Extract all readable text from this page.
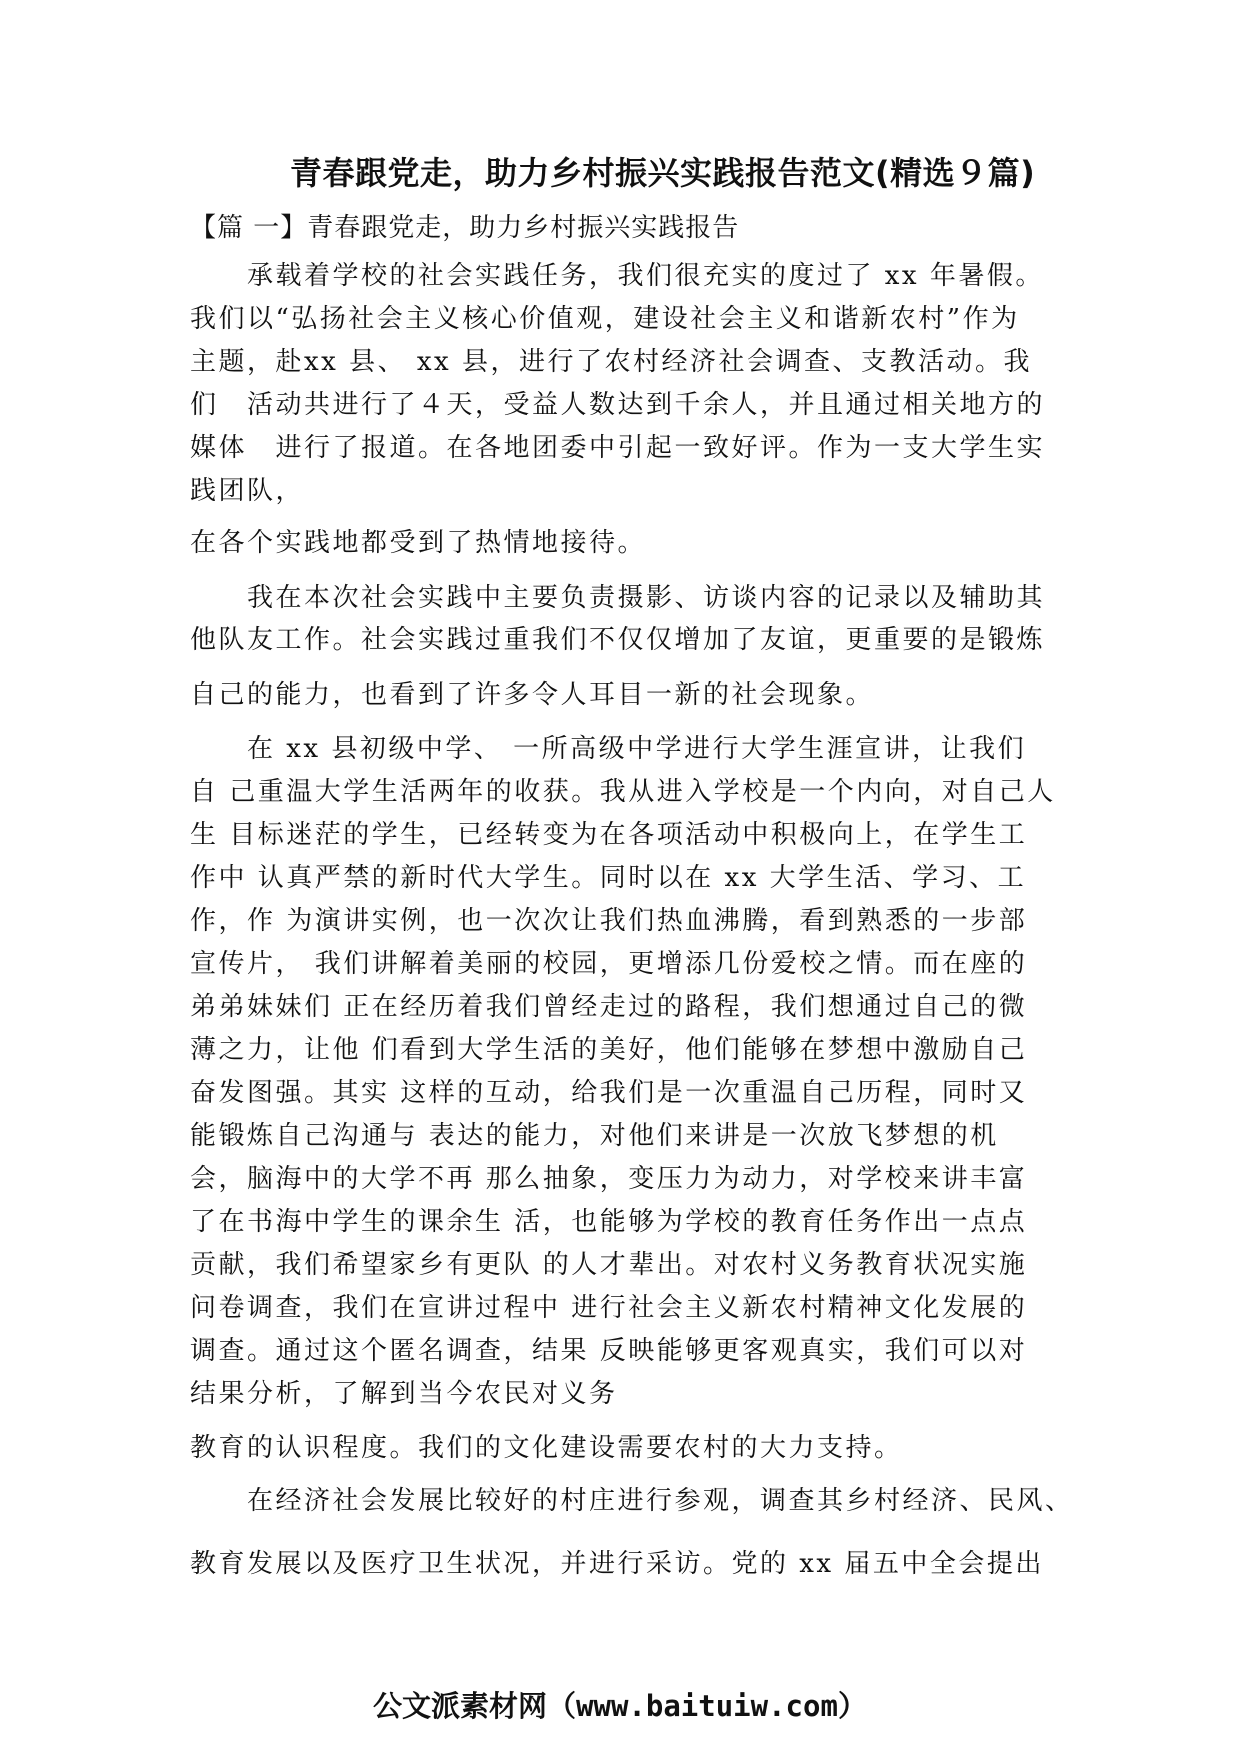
青春跟党走，助力乡村振兴实践报告范文(精选９篇)
【篇 一】青春跟党走，助力乡村振兴实践报告
　　承载着学校的社会实践任务，我们很充实的度过了 xx 年暑假。
我们以“弘扬社会主义核心价值观，建设社会主义和谐新农村”作为
主题，赴xx 县、 xx 县，进行了农村经济社会调查、支教活动。我
们　活动共进行了４天，受益人数达到千余人，并且通过相关地方的
媒体　进行了报道。在各地团委中引起一致好评。作为一支大学生实
践团队，
在各个实践地都受到了热情地接待。
　　我在本次社会实践中主要负责摄影、访谈内容的记录以及辅助其
他队友工作。社会实践过重我们不仅仅增加了友谊，更重要的是锻炼
自己的能力，也看到了许多令人耳目一新的社会现象。
　　在 xx 县初级中学、 一所高级中学进行大学生涯宣讲，让我们
自 己重温大学生活两年的收获。我从进入学校是一个内向，对自己人
生 目标迷茫的学生，已经转变为在各项活动中积极向上，在学生工
作中 认真严禁的新时代大学生。同时以在 xx 大学生活、学习、工
作，作 为演讲实例，也一次次让我们热血沸腾，看到熟悉的一步部
宣传片， 我们讲解着美丽的校园，更增添几份爱校之情。而在座的
弟弟妹妹们 正在经历着我们曾经走过的路程，我们想通过自己的微
薄之力，让他 们看到大学生活的美好，他们能够在梦想中激励自己
奋发图强。其实 这样的互动，给我们是一次重温自己历程，同时又
能锻炼自己沟通与 表达的能力，对他们来讲是一次放飞梦想的机
会，脑海中的大学不再 那么抽象，变压力为动力，对学校来讲丰富
了在书海中学生的课余生 活，也能够为学校的教育任务作出一点点
贡献，我们希望家乡有更队 的人才辈出。对农村义务教育状况实施
问卷调查，我们在宣讲过程中 进行社会主义新农村精神文化发展的
调查。通过这个匿名调查，结果 反映能够更客观真实，我们可以对
结果分析，了解到当今农民对义务
教育的认识程度。我们的文化建设需要农村的大力支持。
　　在经济社会发展比较好的村庄进行参观，调查其乡村经济、民风、
教育发展以及医疗卫生状况，并进行采访。党的 xx 届五中全会提出
公文派素材网（www.baituiw.com）
